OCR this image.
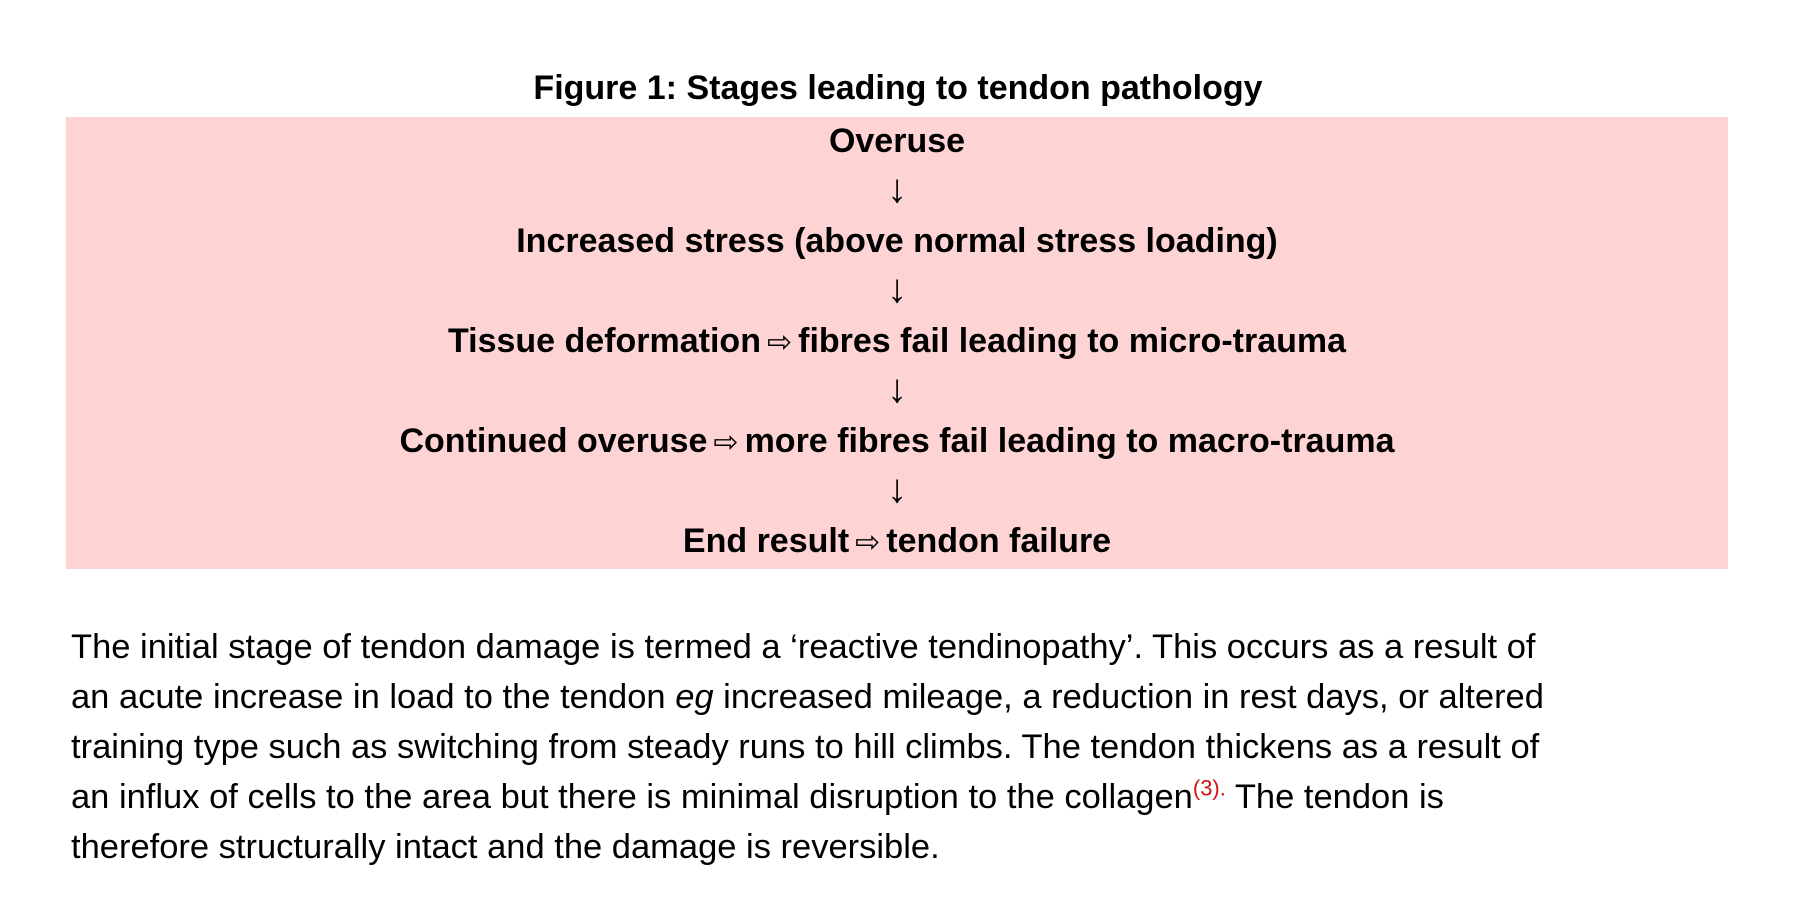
Figure 1: Stages leading to tendon pathology
Overuse
↓
Increased stress (above normal stress loading)
↓
Tissue deformation ⇨ fibres fail leading to micro-trauma
↓
Continued overuse ⇨ more fibres fail leading to macro-trauma
↓
End result ⇨ tendon failure

The initial stage of tendon damage is termed a ‘reactive tendinopathy’. This occurs as a result of
an acute increase in load to the tendon eg increased mileage, a reduction in rest days, or altered
training type such as switching from steady runs to hill climbs. The tendon thickens as a result of
an influx of cells to the area but there is minimal disruption to the collagen$^{(3).}$ The tendon is
therefore structurally intact and the damage is reversible.
